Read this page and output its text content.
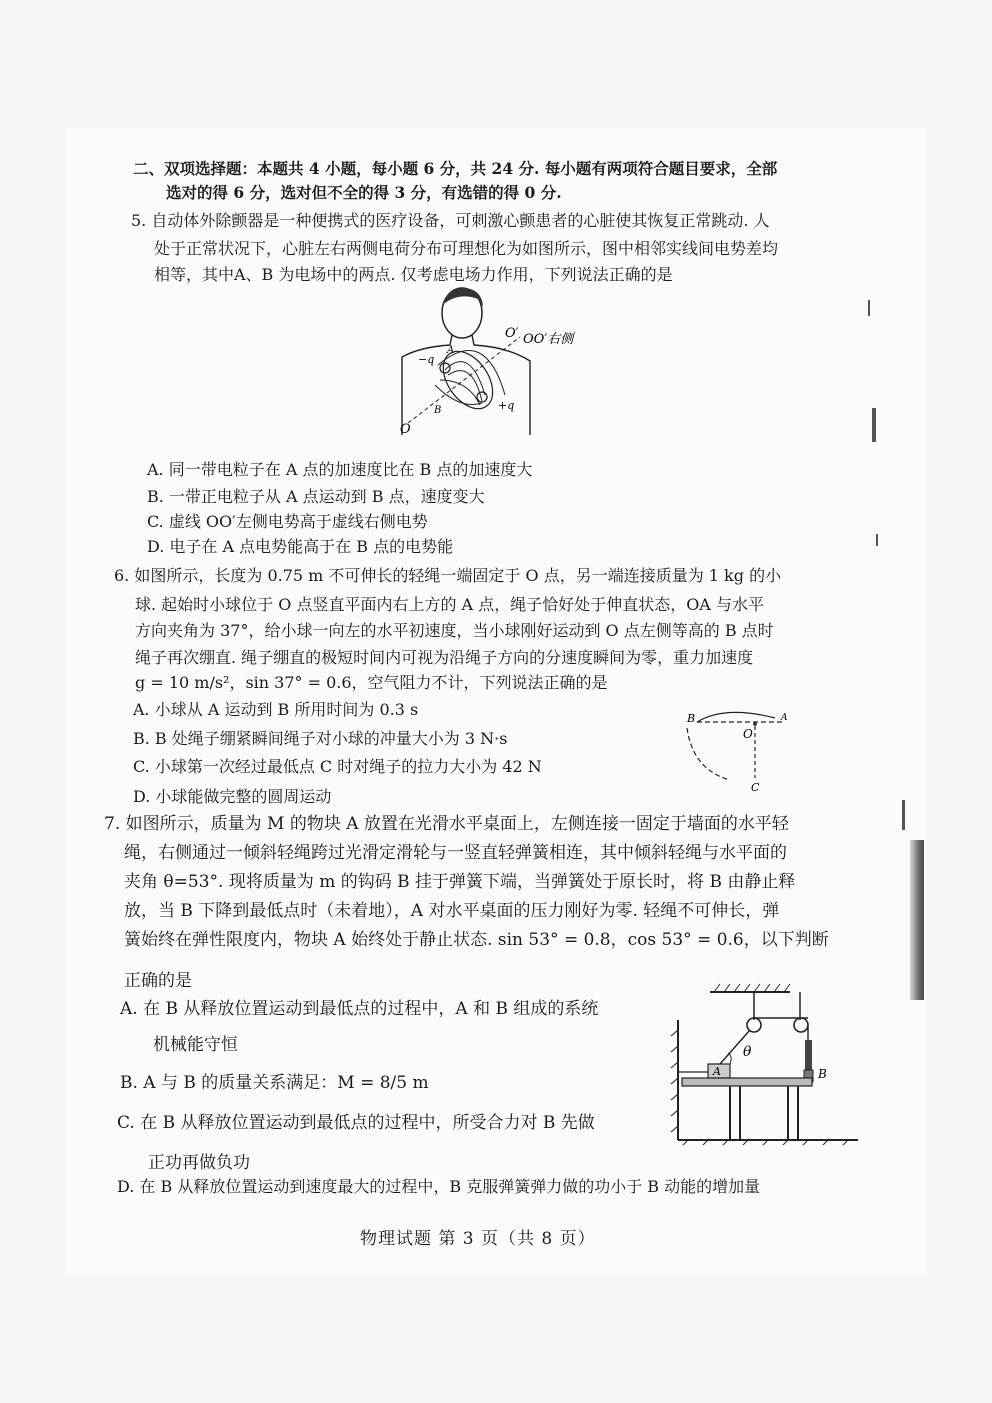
二、双项选择题：本题共 4 小题，每小题 6 分，共 24 分. 每小题有两项符合题目要求，全部
选对的得 6 分，选对但不全的得 3 分，有选错的得 0 分.
5. 自动体外除颤器是一种便携式的医疗设备，可刺激心颤患者的心脏使其恢复正常跳动. 人
处于正常状况下，心脏左右两侧电荷分布可理想化为如图所示，图中相邻实线间电势差均
相等，其中A、B 为电场中的两点. 仅考虑电场力作用，下列说法正确的是
O′ OO′右侧
−q
+q
A
B
O
A. 同一带电粒子在 A 点的加速度比在 B 点的加速度大
B. 一带正电粒子从 A 点运动到 B 点，速度变大
C. 虚线 OO′左侧电势高于虚线右侧电势
D. 电子在 A 点电势能高于在 B 点的电势能
6. 如图所示，长度为 0.75 m 不可伸长的轻绳一端固定于 O 点，另一端连接质量为 1 kg 的小
球. 起始时小球位于 O 点竖直平面内右上方的 A 点，绳子恰好处于伸直状态，OA 与水平
方向夹角为 37°，给小球一向左的水平初速度，当小球刚好运动到 O 点左侧等高的 B 点时
绳子再次绷直. 绳子绷直的极短时间内可视为沿绳子方向的分速度瞬间为零，重力加速度
g = 10 m/s²，sin 37° = 0.6，空气阻力不计，下列说法正确的是
A. 小球从 A 运动到 B 所用时间为 0.3 s
B. B 处绳子绷紧瞬间绳子对小球的冲量大小为 3 N·s
C. 小球第一次经过最低点 C 时对绳子的拉力大小为 42 N
D. 小球能做完整的圆周运动
B
O
A
C
7. 如图所示，质量为 M 的物块 A 放置在光滑水平桌面上，左侧连接一固定于墙面的水平轻
绳，右侧通过一倾斜轻绳跨过光滑定滑轮与一竖直轻弹簧相连，其中倾斜轻绳与水平面的
夹角 θ=53°. 现将质量为 m 的钩码 B 挂于弹簧下端，当弹簧处于原长时，将 B 由静止释
放，当 B 下降到最低点时（未着地），A 对水平桌面的压力刚好为零. 轻绳不可伸长，弹
簧始终在弹性限度内，物块 A 始终处于静止状态. sin 53° = 0.8，cos 53° = 0.6，以下判断
正确的是
A. 在 B 从释放位置运动到最低点的过程中，A 和 B 组成的系统
机械能守恒
B. A 与 B 的质量关系满足：M = 8/5 m
C. 在 B 从释放位置运动到最低点的过程中，所受合力对 B 先做
正功再做负功
D. 在 B 从释放位置运动到速度最大的过程中，B 克服弹簧弹力做的功小于 B 动能的增加量
θ
B
A
物理试题 第 3 页（共 8 页）
